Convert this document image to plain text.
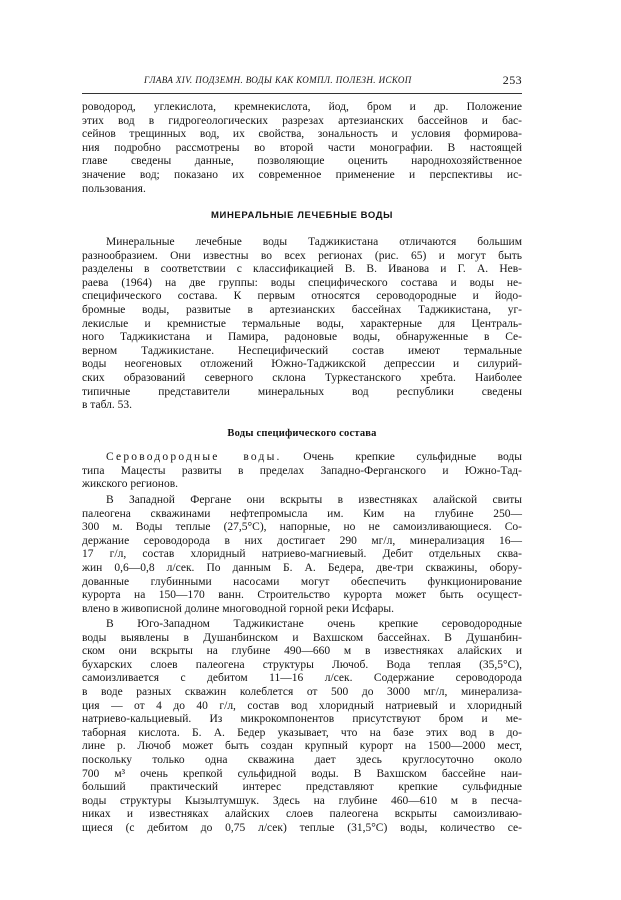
ГЛАВА XIV. ПОДЗЕМН. ВОДЫ КАК КОМПЛ. ПОЛЕЗН. ИСКОП	253

роводород, углекислота, кремнекислота, йод, бром и др. Положение
этих вод в гидрогеологических разрезах артезианских бассейнов и бас-
сейнов трещинных вод, их свойства, зональность и условия формирова-
ния подробно рассмотрены во второй части монографии. В настоящей
главе сведены данные, позволяющие оценить народнохозяйственное
значение вод; показано их современное применение и перспективы ис-
пользования.

МИНЕРАЛЬНЫЕ ЛЕЧЕБНЫЕ ВОДЫ

Минеральные лечебные воды Таджикистана отличаются большим
разнообразием. Они известны во всех регионах (рис. 65) и могут быть
разделены в соответствии с классификацией В. В. Иванова и Г. А. Нев-
раева (1964) на две группы: воды специфического состава и воды не-
специфического состава. К первым относятся сероводородные и йодо-
бромные воды, развитые в артезианских бассейнах Таджикистана, уг-
лекислые и кремнистые термальные воды, характерные для Централь-
ного Таджикистана и Памира, радоновые воды, обнаруженные в Се-
верном Таджикистане. Неспецифический состав имеют термальные
воды неогеновых отложений Южно-Таджикской депрессии и силурий-
ских образований северного склона Туркестанского хребта. Наиболее
типичные представители минеральных вод республики сведены
в табл. 53.

Воды специфического состава

Сероводородные воды. Очень крепкие сульфидные воды
типа Мацесты развиты в пределах Западно-Ферганского и Южно-Тад-
жикского регионов.

В Западной Фергане они вскрыты в известняках алайской свиты
палеогена скважинами нефтепромысла им. Ким на глубине 250—
300 м. Воды теплые (27,5°С), напорные, но не самоизливающиеся. Со-
держание сероводорода в них достигает 290 мг/л, минерализация 16—
17 г/л, состав хлоридный натриево-магниевый. Дебит отдельных сква-
жин 0,6—0,8 л/сек. По данным Б. А. Бедера, две-три скважины, обору-
дованные глубинными насосами могут обеспечить функционирование
курорта на 150—170 ванн. Строительство курорта может быть осущест-
влено в живописной долине многоводной горной реки Исфары.

В Юго-Западном Таджикистане очень крепкие сероводородные
воды выявлены в Душанбинском и Вахшском бассейнах. В Душанбин-
ском они вскрыты на глубине 490—660 м в известняках алайских и
бухарских слоев палеогена структуры Лючоб. Вода теплая (35,5°С),
самоизливается с дебитом 11—16 л/сек. Содержание сероводорода
в воде разных скважин колеблется от 500 до 3000 мг/л, минерализа-
ция — от 4 до 40 г/л, состав вод хлоридный натриевый и хлоридный
натриево-кальциевый. Из микрокомпонентов присутствуют бром и ме-
таборная кислота. Б. А. Бедер указывает, что на базе этих вод в до-
лине р. Лючоб может быть создан крупный курорт на 1500—2000 мест,
поскольку только одна скважина дает здесь круглосуточно около
700 м³ очень крепкой сульфидной воды. В Вахшском бассейне наи-
больший практический интерес представляют крепкие сульфидные
воды структуры Кызылтумшук. Здесь на глубине 460—610 м в песча-
никах и известняках алайских слоев палеогена вскрыты самоизливаю-
щиеся (с дебитом до 0,75 л/сек) теплые (31,5°С) воды, количество се-
